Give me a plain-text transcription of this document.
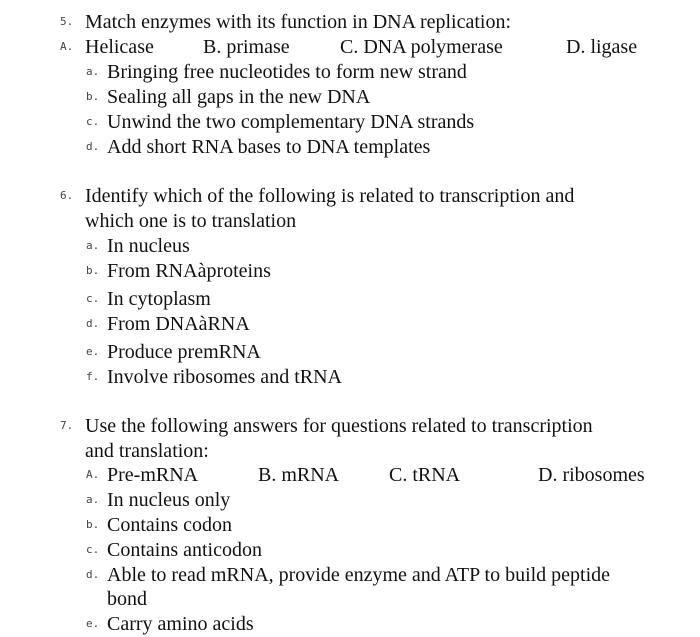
5. Match enzymes with its function in DNA replication:
A. Helicase B. primase	C. DNA polymerase	D. ligase
a. Bringing free nucleotides to form new strand
b. Sealing all gaps in the new DNA
c. Unwind the two complementary DNA strands
d. Add short RNA bases to DNA templates
6. Identify which of the following is related to transcription and
which one is to translation
a. In nucleus
b. From RNAàproteins
c. In cytoplasm
d. From DNAàRNA
e. Produce premRNA
f. Involve ribosomes and tRNA
7. Use the following answers for questions related to transcription
and translation:
A. Pre-mRNA	B. mRNA C. tRNA	D. ribosomes
a. In nucleus only
b. Contains codon
c. Contains anticodon
d. Able to read mRNA, provide enzyme and ATP to build peptide
bond
e. Carry amino acids
